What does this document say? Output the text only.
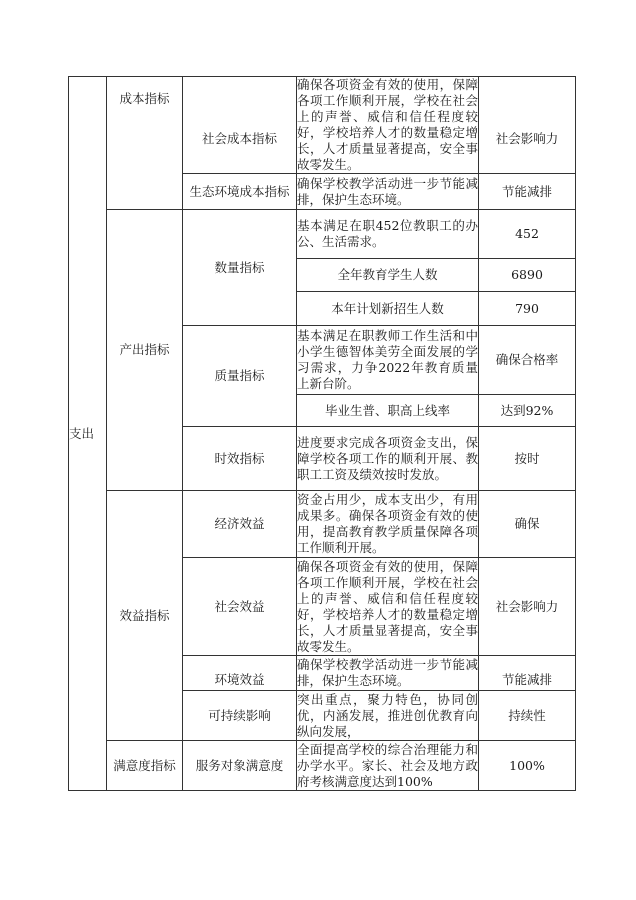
支出	成本指标	社会成本指标	确保各项资金有效的使用，保障各项工作顺利开展，学校在社会上的声誉、威信和信任程度较好，学校培养人才的数量稳定增长，人才质量显著提高，安全事故零发生。	社会影响力
		生态环境成本指标	确保学校教学活动进一步节能减排，保护生态环境。	节能减排
	产出指标	数量指标	基本满足在职452位教职工的办公、生活需求。	452
			全年教育学生人数	6890
			本年计划新招生人数	790
		质量指标	基本满足在职教师工作生活和中小学生德智体美劳全面发展的学习需求，力争2022年教育质量上新台阶。	确保合格率
			毕业生普、职高上线率	达到92%
		时效指标	进度要求完成各项资金支出，保障学校各项工作的顺利开展、教职工工资及绩效按时发放。	按时
	效益指标	经济效益	资金占用少，成本支出少，有用成果多。确保各项资金有效的使用，提高教育教学质量保障各项工作顺利开展。	确保
		社会效益	确保各项资金有效的使用，保障各项工作顺利开展，学校在社会上的声誉、威信和信任程度较好，学校培养人才的数量稳定增长，人才质量显著提高，安全事故零发生。	社会影响力
		环境效益	确保学校教学活动进一步节能减排，保护生态环境。	节能减排
		可持续影响	突出重点，聚力特色，协同创优，内涵发展，推进创优教育向纵向发展，	持续性
	满意度指标	服务对象满意度	全面提高学校的综合治理能力和办学水平。家长、社会及地方政府考核满意度达到100%	100%
